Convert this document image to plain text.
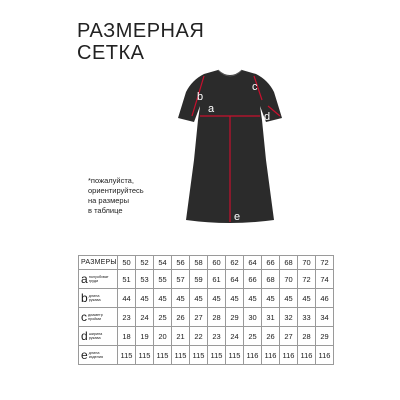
РАЗМЕРНАЯ
СЕТКА
a
b
c
d
e
*пожалуйста,
ориентируйтесь
на размеры
в таблице
РАЗМЕРЫ	50	52	54	56	58	60	62	64	66	68	70	72
aполуобхват груди	51	53	55	57	59	61	64	66	68	70	72	74
bдлина рукава	44	45	45	45	45	45	45	45	45	45	45	46
cдиаметр пройми	23	24	25	26	27	28	29	30	31	32	33	34
dширина рукава	18	19	20	21	22	23	24	25	26	27	28	29
eдлина изделия	115	115	115	115	115	115	115	116	116	116	116	116
